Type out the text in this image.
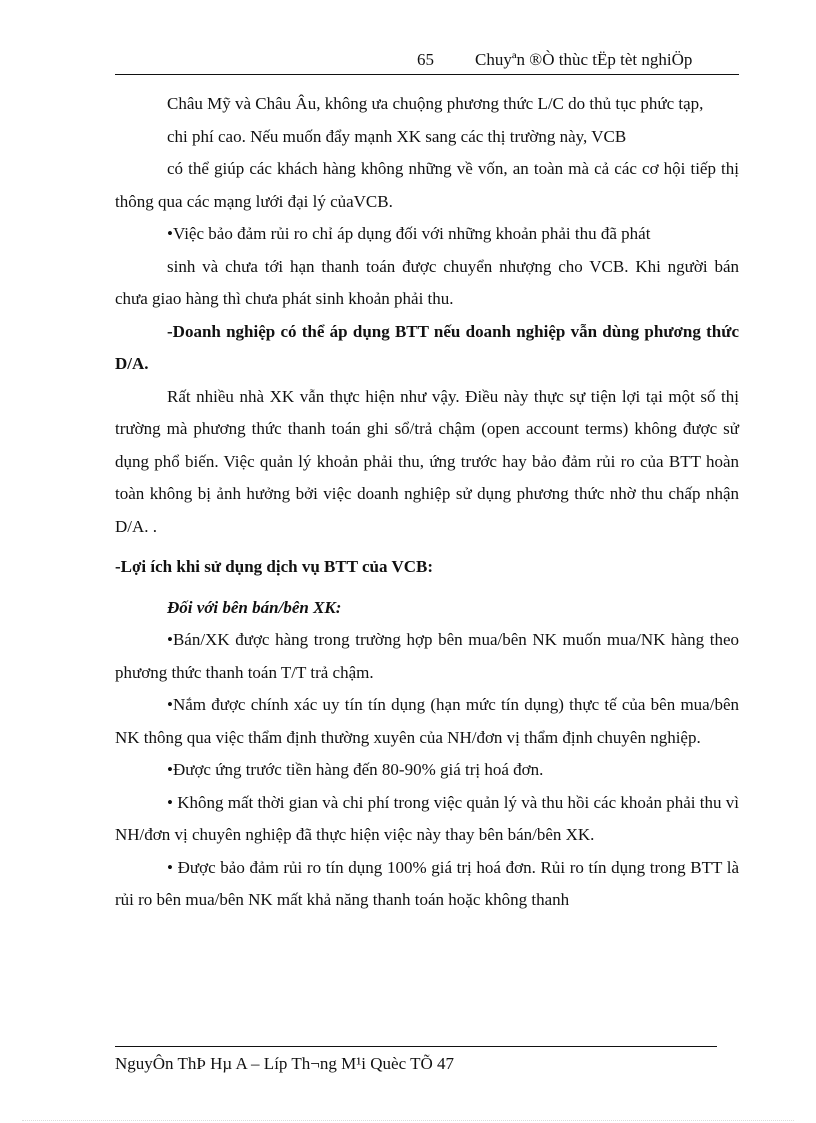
65 Chuyªn ®Ò thùc tËp tèt nghiÖp

Châu Mỹ và Châu Âu, không ưa chuộng phương thức L/C do thủ tục phức tạp,

chi phí cao. Nếu muốn đẩy mạnh XK sang các thị trường này, VCB

có thể giúp các khách hàng không những về vốn, an toàn mà cả các cơ hội tiếp thị thông qua các mạng lưới đại lý củaVCB.

•Việc bảo đảm rủi ro chỉ áp dụng đối với những khoản phải thu đã phát

sinh và chưa tới hạn thanh toán được chuyển nhượng cho VCB. Khi người bán chưa giao hàng thì chưa phát sinh khoản phải thu.

-Doanh nghiệp có thể áp dụng BTT nếu doanh nghiệp vẫn dùng phương thức D/A.

Rất nhiều nhà XK vẫn thực hiện như vậy. Điều này thực sự tiện lợi tại một số thị trường mà phương thức thanh toán ghi sổ/trả chậm (open account terms) không được sử dụng phổ biến. Việc quản lý khoản phải thu, ứng trước hay bảo đảm rủi ro của BTT hoàn toàn không bị ảnh hưởng bởi việc doanh nghiệp sử dụng phương thức nhờ thu chấp nhận D/A. .

-Lợi ích khi sử dụng dịch vụ BTT của VCB:

Đối với bên bán/bên XK:

•Bán/XK được hàng trong trường hợp bên mua/bên NK muốn mua/NK hàng theo phương thức thanh toán T/T trả chậm.

•Nắm được chính xác uy tín tín dụng (hạn mức tín dụng) thực tế của bên mua/bên NK thông qua việc thẩm định thường xuyên của NH/đơn vị thẩm định chuyên nghiệp.

•Được ứng trước tiền hàng đến 80-90% giá trị hoá đơn.

• Không mất thời gian và chi phí trong việc quản lý và thu hồi các khoản phải thu vì NH/đơn vị chuyên nghiệp đã thực hiện việc này thay bên bán/bên XK.

• Được bảo đảm rủi ro tín dụng 100% giá trị hoá đơn. Rủi ro tín dụng trong BTT là rủi ro bên mua/bên NK mất khả năng thanh toán hoặc không thanh

NguyÔn ThÞ Hµ A – Líp Th¬ng M¹i Quèc TÕ 47
